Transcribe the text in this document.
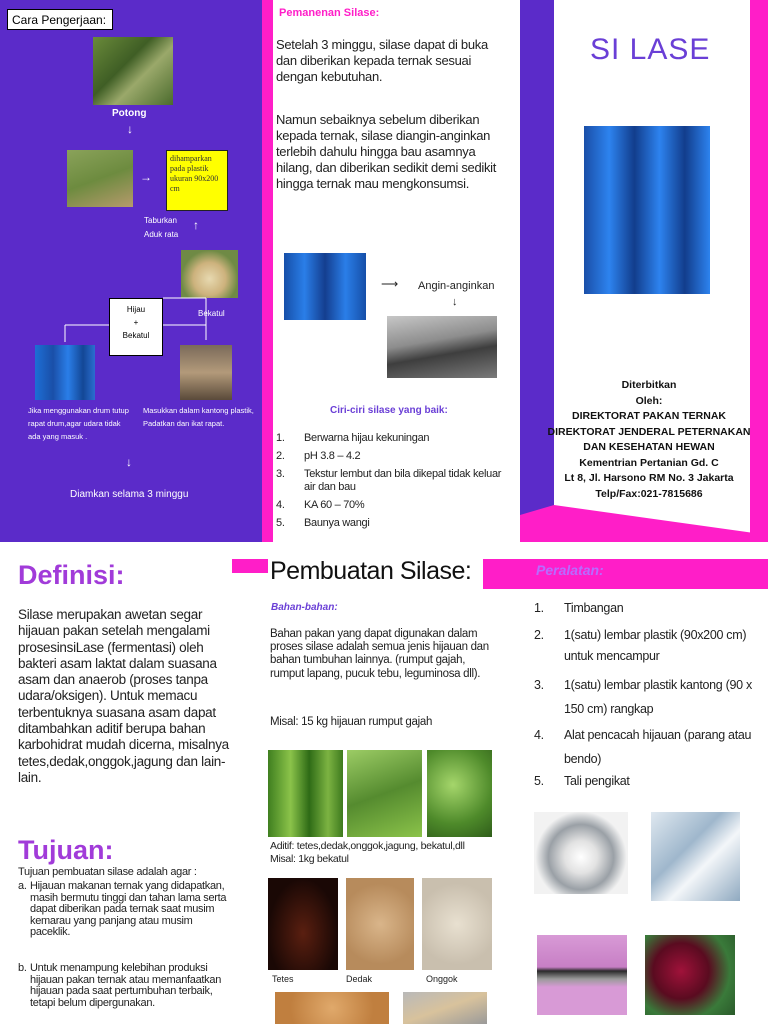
Cara Pengerjaan:
Potong
↓
→
dihamparkan pada plastik ukuran 90x200 cm
↑
Taburkan
Aduk rata
Bekatul
Hijau
+
Bekatul
Jika menggunakan drum tutup rapat drum,agar udara tidak ada yang masuk .
Masukkan dalam kantong plastik, Padatkan dan ikat rapat.
↓
Diamkan selama 3 minggu
Pemanenan Silase:
Setelah 3 minggu, silase dapat di buka dan diberikan kepada ternak sesuai dengan kebutuhan.
Namun sebaiknya sebelum diberikan kepada ternak, silase diangin-anginkan terlebih dahulu hingga bau asamnya hilang, dan diberikan sedikit demi sedikit hingga ternak mau mengkonsumsi.
⟶ Angin-anginkan
↓
Ciri-ciri silase yang baik:
1. Berwarna hijau kekuningan
2. pH 3.8 – 4.2
3. Tekstur lembut dan bila dikepal tidak keluar air dan bau
4. KA 60 – 70%
5. Baunya wangi
SI LASE
Diterbitkan
Oleh:
DIREKTORAT PAKAN TERNAK
DIREKTORAT JENDERAL PETERNAKAN
DAN KESEHATAN HEWAN
Kementrian Pertanian Gd. C
Lt 8, Jl. Harsono RM No. 3 Jakarta
Telp/Fax:021-7815686
Definisi:
Silase merupakan awetan segar hijauan pakan setelah mengalami prosesinsiLase (fermentasi) oleh bakteri asam laktat dalam suasana asam dan anaerob (proses tanpa udara/oksigen). Untuk memacu terbentuknya suasana asam dapat ditambahkan aditif berupa bahan karbohidrat mudah dicerna, misalnya tetes,dedak,onggok,jagung dan lain-lain.
Tujuan:
Tujuan pembuatan silase adalah agar :
a. Hijauan makanan ternak yang didapatkan, masih bermutu tinggi dan tahan lama serta dapat diberikan pada ternak saat musim kemarau yang panjang atau musim paceklik.
b. Untuk menampung kelebihan produksi hijauan pakan ternak atau memanfaatkan hijauan pada saat pertumbuhan terbaik, tetapi belum dipergunakan.
Pembuatan Silase:
Bahan-bahan:
Bahan pakan yang dapat digunakan dalam proses silase adalah semua jenis hijauan dan bahan tumbuhan lainnya. (rumput gajah, rumput lapang, pucuk tebu, leguminosa dll).
Misal: 15 kg hijauan rumput gajah
Aditif: tetes,dedak,onggok,jagung, bekatul,dll
Misal: 1kg bekatul
Tetes	Dedak	Onggok
Peralatan:
1. Timbangan
2. 1(satu) lembar plastik (90x200 cm) untuk mencampur
3. 1(satu) lembar plastik kantong (90 x 150 cm) rangkap
4. Alat pencacah hijauan (parang atau bendo)
5. Tali pengikat
